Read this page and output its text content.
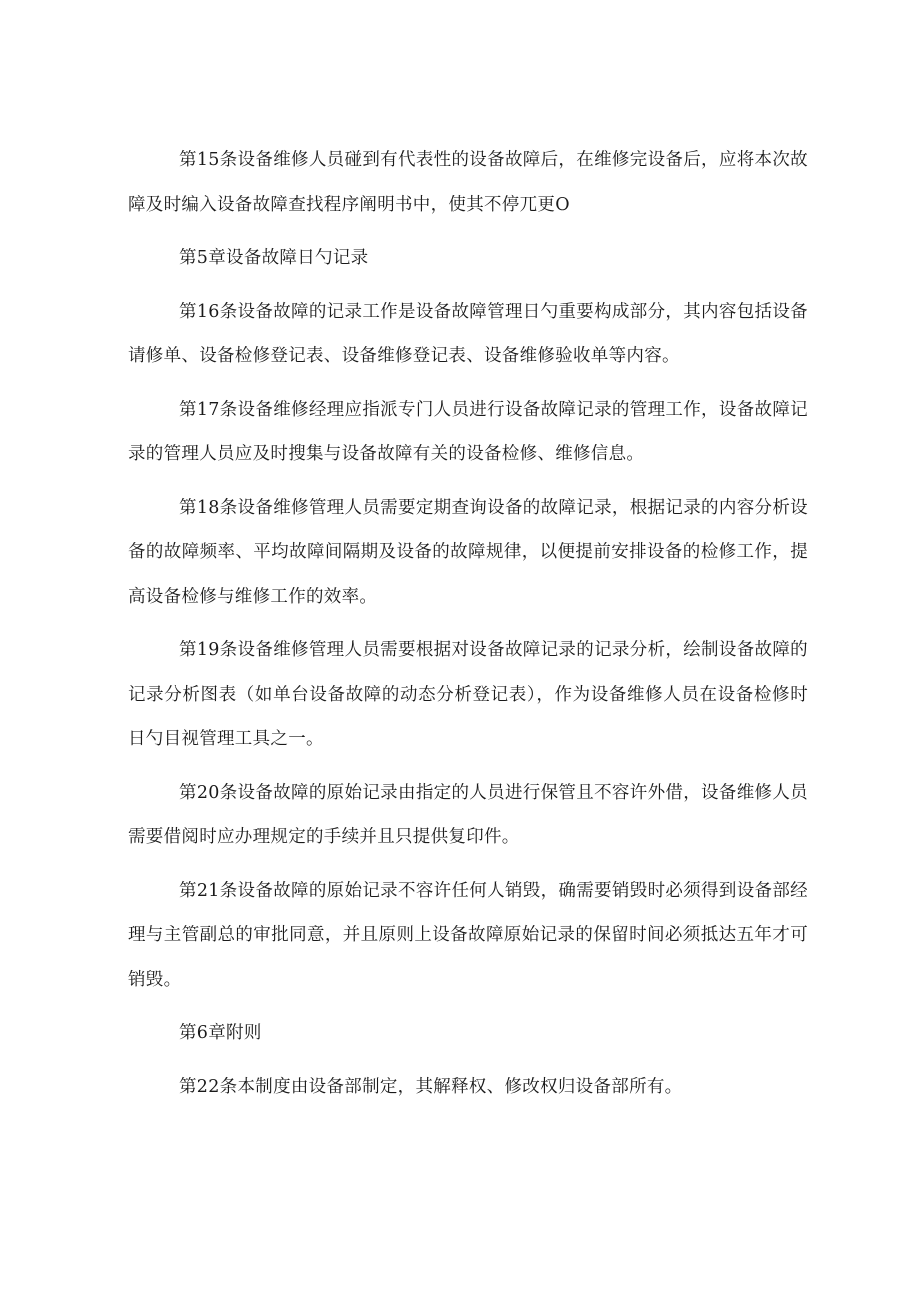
第15条设备维修人员碰到有代表性的设备故障后，在维修完设备后，应将本次故障及时编入设备故障查找程序阐明书中，使其不停兀更O

第5章设备故障日勺记录

第16条设备故障的记录工作是设备故障管理日勺重要构成部分，其内容包括设备请修单、设备检修登记表、设备维修登记表、设备维修验收单等内容。

第17条设备维修经理应指派专门人员进行设备故障记录的管理工作，设备故障记录的管理人员应及时搜集与设备故障有关的设备检修、维修信息。

第18条设备维修管理人员需要定期查询设备的故障记录，根据记录的内容分析设备的故障频率、平均故障间隔期及设备的故障规律，以便提前安排设备的检修工作，提高设备检修与维修工作的效率。

第19条设备维修管理人员需要根据对设备故障记录的记录分析，绘制设备故障的记录分析图表（如单台设备故障的动态分析登记表），作为设备维修人员在设备检修时日勺目视管理工具之一。

第20条设备故障的原始记录由指定的人员进行保管且不容许外借，设备维修人员需要借阅时应办理规定的手续并且只提供复印件。

第21条设备故障的原始记录不容许任何人销毁，确需要销毁时必须得到设备部经理与主管副总的审批同意，并且原则上设备故障原始记录的保留时间必须抵达五年才可销毁。

第6章附则

第22条本制度由设备部制定，其解释权、修改权归设备部所有。
